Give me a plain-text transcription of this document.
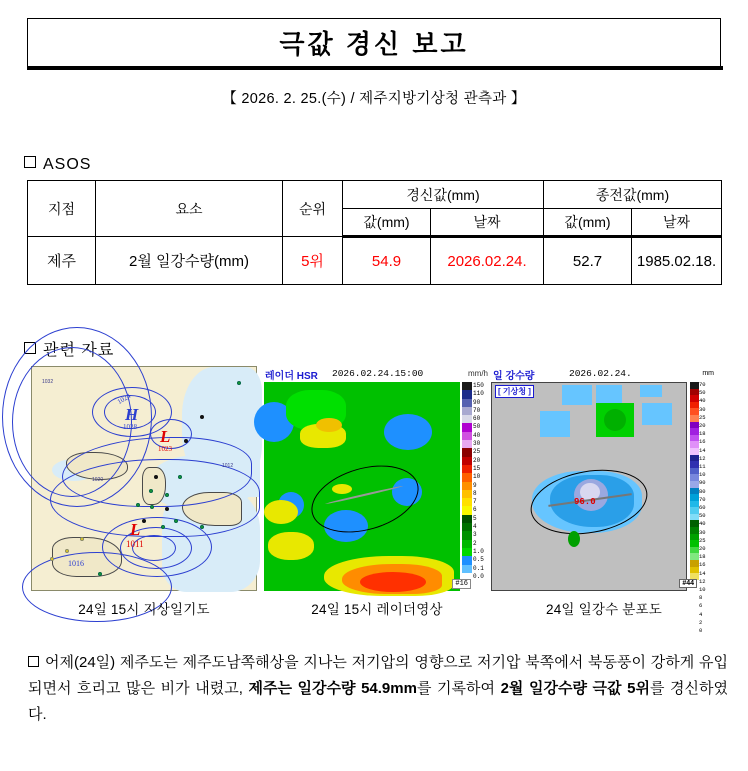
극값 경신 보고
【 2026. 2. 25.(수) / 제주지방기상청 관측과 】
ASOS
지점	요소	순위	경신값(mm)		종전값(mm)	
			값(mm)	날짜	값(mm)	날짜
제주	2월 일강수량(mm)	5위	54.9	2026.02.24.	52.7	1985.02.18.
관련 자료
H
1028 L
1023
L
1011
1016
1024
1032
1020
1012
24일 15시 지상일기도
레이더 HSR 2026.02.24.15:00	mm/h
150
110
90
70
60
50
40
30
25
20
15
10
9
8
7
6
5
4
3
2
1.0
0.5
0.1
0.0
#16
24일 15시 레이더영상
일 강수량	2026.02.24.	mm
[ 기상청 ]
96.0
70
50
40
30
25
20
18
16
14
12
11
10
90
80
70
60
50
40
30
25
20
18
16
14
12
10
8
6
4
2
0
#44
24일 일강수 분포도
어제(24일) 제주도는 제주도남쪽해상을 지나는 저기압의 영향으로 저기압 북쪽에서 북동풍이 강하게 유입되면서 흐리고 많은 비가 내렸고, 제주는 일강수량 54.9mm를 기록하여 2월 일강수량 극값 5위를 경신하였다.
